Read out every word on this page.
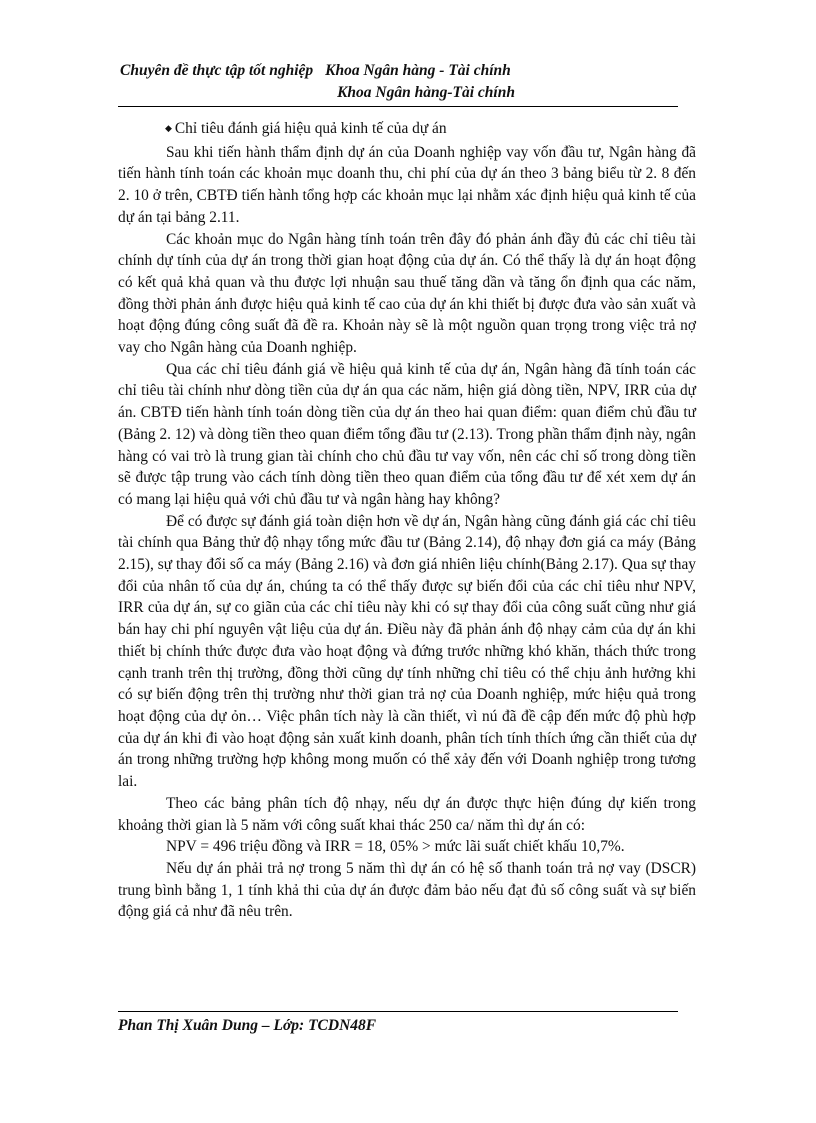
Chuyên đề thực tập tốt nghiệp Khoa Ngân hàng - Tài chính
Khoa Ngân hàng-Tài chính

◆ Chỉ tiêu đánh giá hiệu quả kinh tế của dự án

Sau khi tiến hành thẩm định dự án của Doanh nghiệp vay vốn đầu tư, Ngân hàng đã tiến hành tính toán các khoản mục doanh thu, chi phí của dự án theo 3 bảng biểu từ 2. 8 đến 2. 10 ở trên, CBTĐ tiến hành tổng hợp các khoản mục lại nhằm xác định hiệu quả kinh tế của dự án tại bảng 2.11.

Các khoản mục do Ngân hàng tính toán trên đây đó phản ánh đầy đủ các chỉ tiêu tài chính dự tính của dự án trong thời gian hoạt động của dự án. Có thể thấy là dự án hoạt động có kết quả khả quan và thu được lợi nhuận sau thuế tăng dần và tăng ổn định qua các năm, đồng thời phản ánh được hiệu quả kinh tế cao của dự án khi thiết bị được đưa vào sản xuất và hoạt động đúng công suất đã đề ra. Khoản này sẽ là một nguồn quan trọng trong việc trả nợ vay cho Ngân hàng của Doanh nghiệp.

Qua các chỉ tiêu đánh giá về hiệu quả kinh tế của dự án, Ngân hàng đã tính toán các chỉ tiêu tài chính như dòng tiền của dự án qua các năm, hiện giá dòng tiền, NPV, IRR của dự án. CBTĐ tiến hành tính toán dòng tiền của dự án theo hai quan điểm: quan điểm chủ đầu tư (Bảng 2. 12) và dòng tiền theo quan điểm tổng đầu tư (2.13). Trong phần thẩm định này, ngân hàng có vai trò là trung gian tài chính cho chủ đầu tư vay vốn, nên các chỉ số trong dòng tiền sẽ được tập trung vào cách tính dòng tiền theo quan điểm của tổng đầu tư để xét xem dự án có mang lại hiệu quả với chủ đầu tư và ngân hàng hay không?

Để có được sự đánh giá toàn diện hơn về dự án, Ngân hàng cũng đánh giá các chỉ tiêu tài chính qua Bảng thử độ nhạy tổng mức đầu tư (Bảng 2.14), độ nhạy đơn giá ca máy (Bảng 2.15), sự thay đổi số ca máy (Bảng 2.16) và đơn giá nhiên liệu chính(Bảng 2.17). Qua sự thay đổi của nhân tố của dự án, chúng ta có thể thấy được sự biến đổi của các chỉ tiêu như NPV, IRR của dự án, sự co giãn của các chỉ tiêu này khi có sự thay đổi của công suất cũng như giá bán hay chi phí nguyên vật liệu của dự án. Điều này đã phản ánh độ nhạy cảm của dự án khi thiết bị chính thức được đưa vào hoạt động và đứng trước những khó khăn, thách thức trong cạnh tranh trên thị trường, đồng thời cũng dự tính những chỉ tiêu có thể chịu ảnh hưởng khi có sự biến động trên thị trường như thời gian trả nợ của Doanh nghiệp, mức hiệu quả trong hoạt động của dự ỏn… Việc phân tích này là cần thiết, vì nú đã đề cập đến mức độ phù hợp của dự án khi đi vào hoạt động sản xuất kinh doanh, phân tích tính thích ứng cần thiết của dự án trong những trường hợp không mong muốn có thể xảy đến với Doanh nghiệp trong tương lai.

Theo các bảng phân tích độ nhạy, nếu dự án được thực hiện đúng dự kiến trong khoảng thời gian là 5 năm với công suất khai thác 250 ca/ năm thì dự án có:

NPV = 496 triệu đồng và IRR = 18, 05% > mức lãi suất chiết khấu 10,7%.

Nếu dự án phải trả nợ trong 5 năm thì dự án có hệ số thanh toán trả nợ vay (DSCR) trung bình bằng 1, 1 tính khả thi của dự án được đảm bảo nếu đạt đủ số công suất và sự biến động giá cả như đã nêu trên.

Phan Thị Xuân Dung – Lớp: TCDN48F
